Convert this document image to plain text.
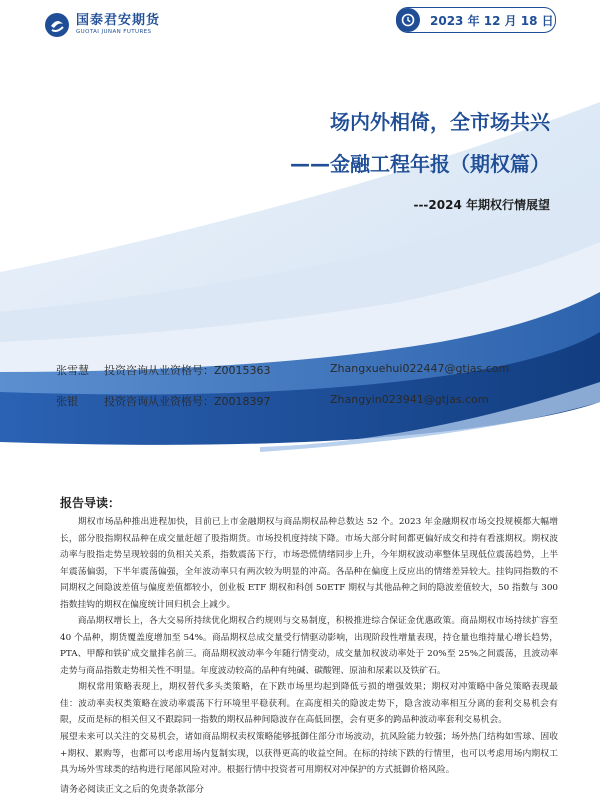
国泰君安期货
GUOTAI JUNAN FUTURES
2023 年 12 月 18 日
场内外相倚，全市场共兴
——金融工程年报（期权篇）
---2024 年期权行情展望
张雪慧	投资咨询从业资格号：Z0015363	Zhangxuehui022447@gtjas.com
张银	投资咨询从业资格号：Z0018397	Zhangyin023941@gtjas.com
报告导读：
　　期权市场品种推出进程加快，目前已上市金融期权与商品期权品种总数达 52 个。2023 年金融期权市场交投规模都大幅增长，部分股指期权品种在成交量赶超了股指期货。市场投机度持续下降。市场大部分时间都更偏好成交和持有看涨期权。期权波动率与股指走势呈现较弱的负相关关系，指数震荡下行，市场恐慌情绪同步上升，今年期权波动率整体呈现低位震荡趋势，上半年震荡偏弱，下半年震荡偏强，全年波动率只有两次较为明显的冲高。各品种在偏度上反应出的情绪差异较大。挂钩同指数的不同期权之间隐波差值与偏度差值都较小，创业板 ETF 期权和科创 50ETF 期权与其他品种之间的隐波差值较大，50 指数与 300 指数挂钩的期权在偏度统计回归机会上减少。
　　商品期权增长上，各大交易所持续优化期权合约规则与交易制度，积极推进综合保证金优惠政策。商品期权市场持续扩容至 40 个品种，期货覆盖度增加至 54%。商品期权总成交量受行情驱动影响，出现阶段性增量表现，持仓量也维持量心增长趋势，PTA、甲醇和铁矿成交量排名前三。商品期权波动率今年随行情变动，成交量加权波动率处于 20%至 25%之间震荡，且波动率走势与商品指数走势相关性不明显。年度波动较高的品种有纯碱、碳酸锂、原油和尿素以及铁矿石。
　　期权常用策略表现上，期权替代多头类策略，在下跌市场里均起到降低亏损的增强效果；期权对冲策略中备兑策略表现最佳：波动率卖权类策略在波动率震荡下行环境里平稳获利。在高度相关的隐波走势下，隐含波动率相互分离的套利交易机会有限，反而是标的相关但又不跟踪同一指数的期权品种间隐波存在高低回摆，会有更多的跨品种波动率套利交易机会。
展望未来可以关注的交易机会，诸如商品期权卖权策略能够抵御住部分市场波动，抗风险能力较强；场外热门结构如雪球、固收+期权、累购等，也都可以考虑用场内复制实现，以获得更高的收益空间。在标的持续下跌的行情里，也可以考虑用场内期权工具为场外雪球类的结构进行尾部风险对冲。根据行情中投资者可用期权对冲保护的方式抵御价格风险。
请务必阅读正文之后的免责条款部分
